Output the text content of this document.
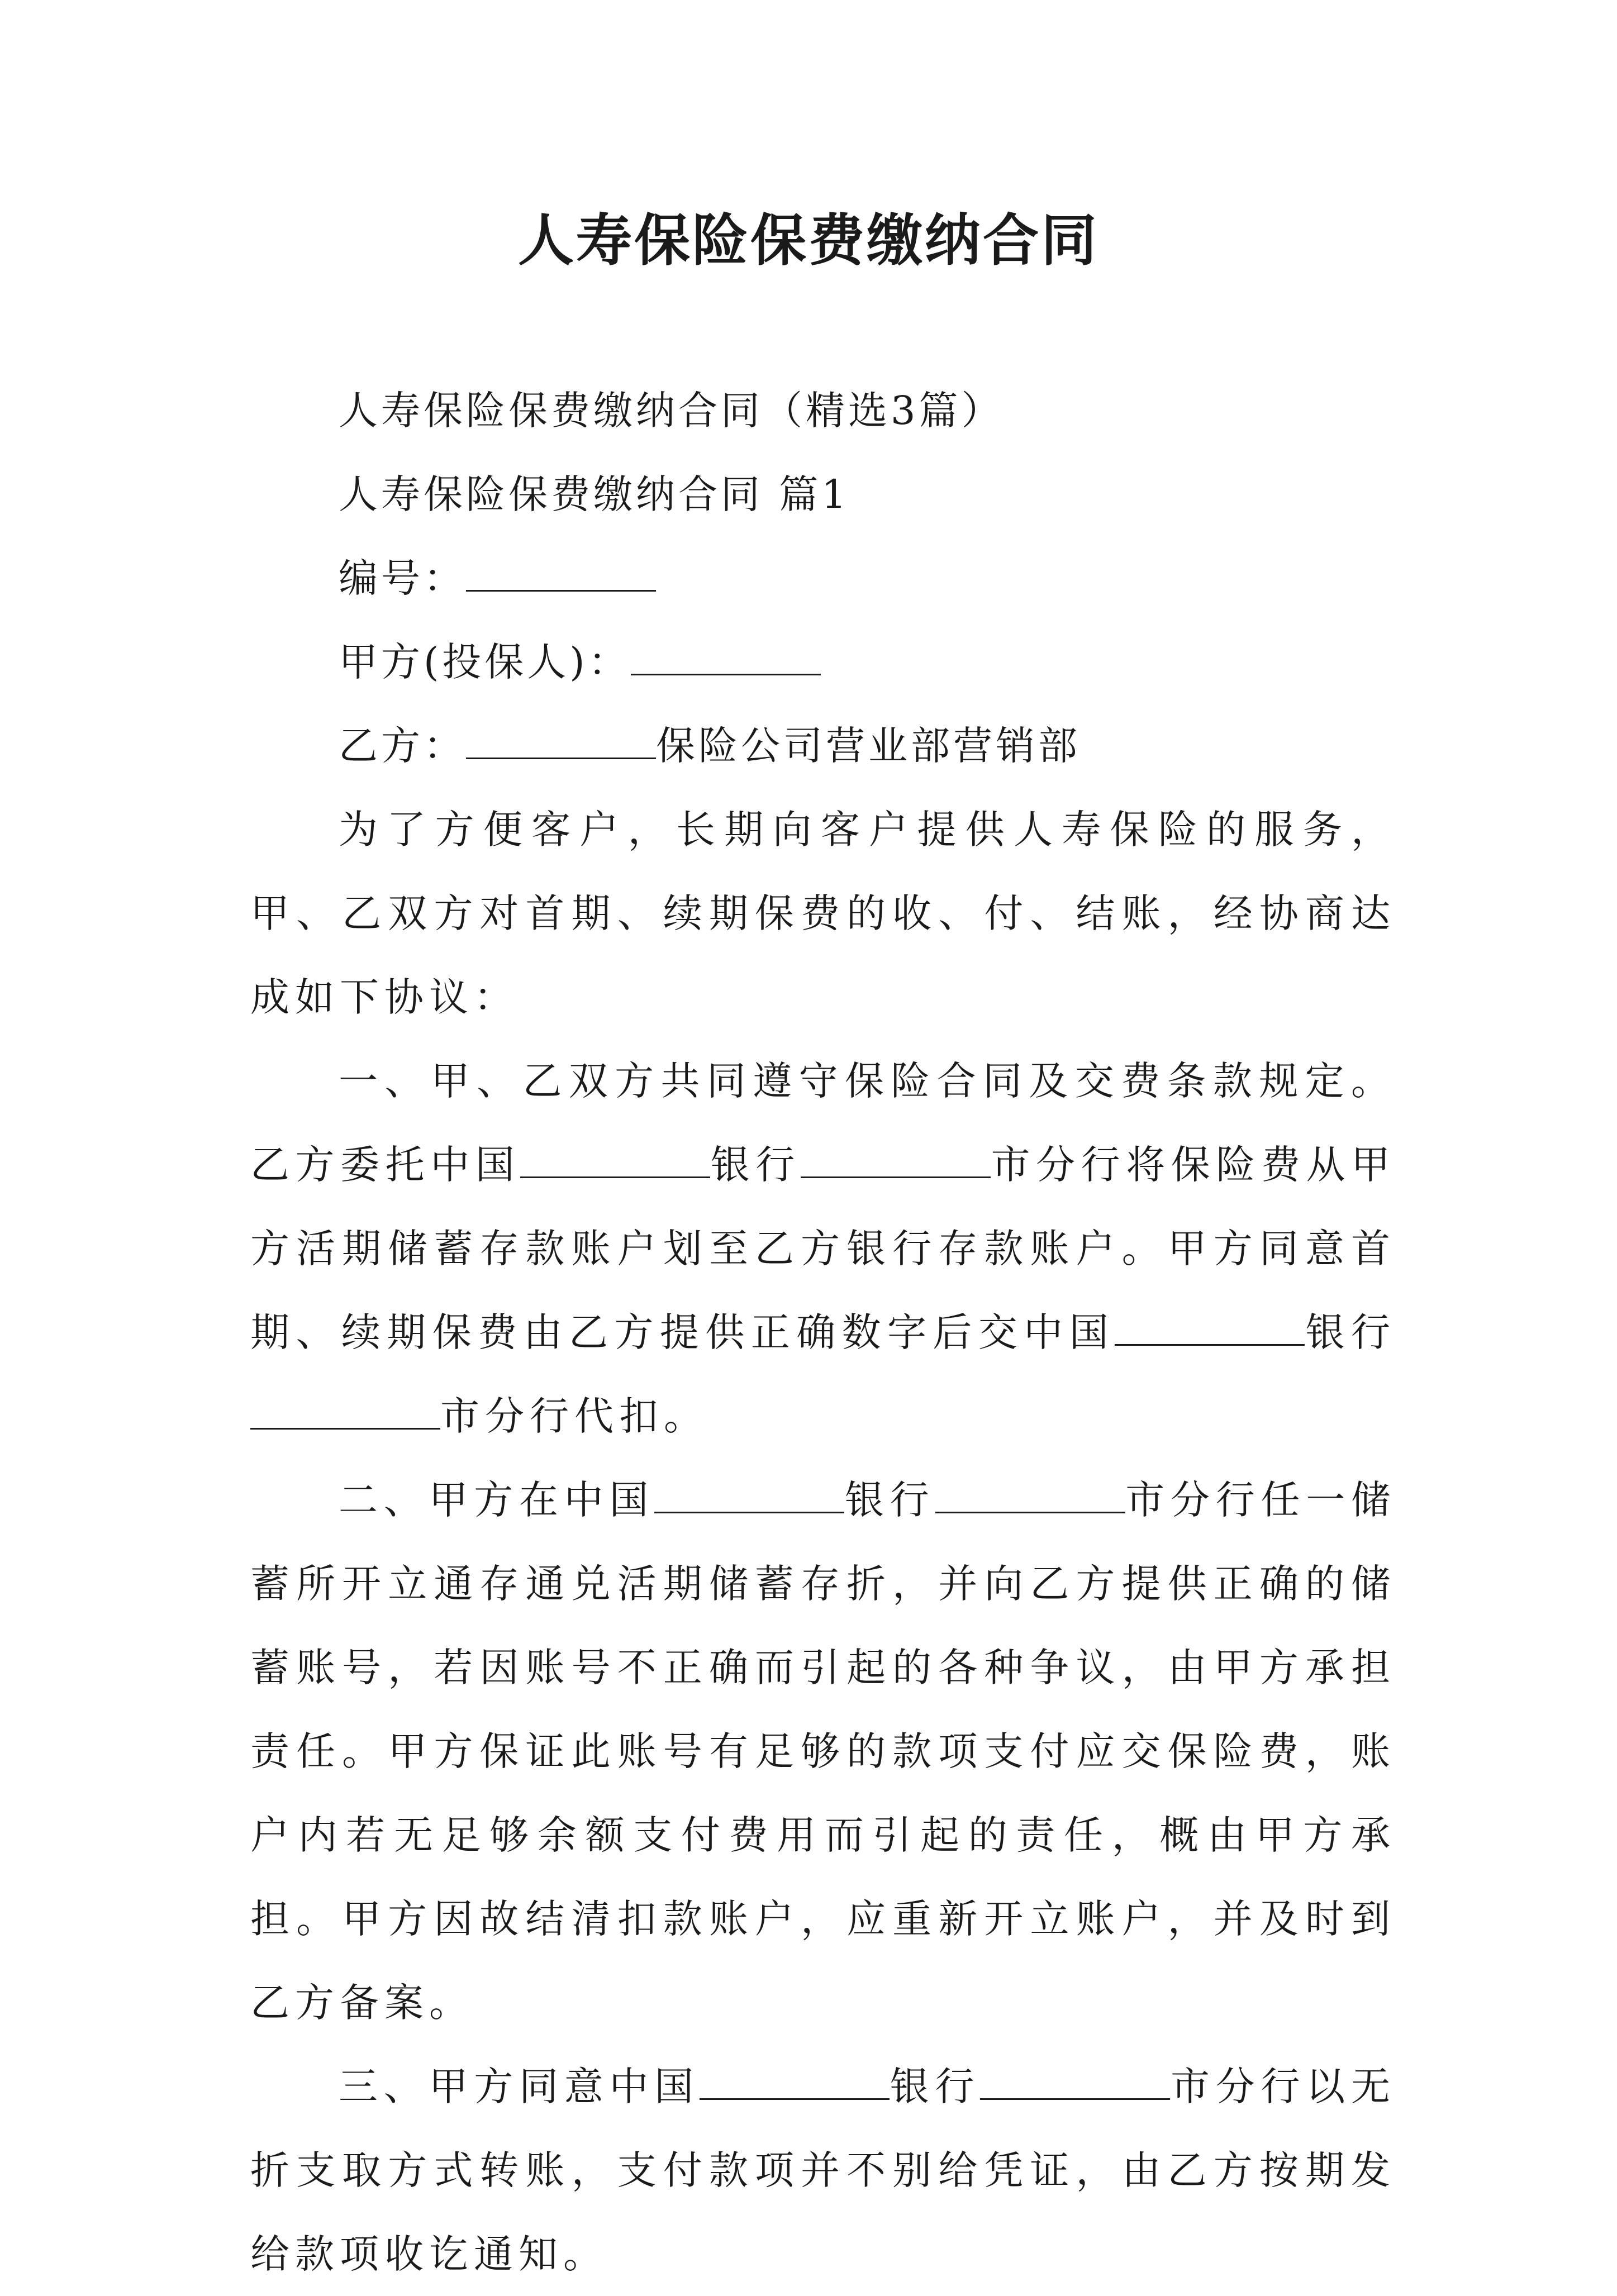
人寿保险保费缴纳合同
人寿保险保费缴纳合同（精选3篇）
人寿保险保费缴纳合同 篇1
编号：
甲方(投保人)：
乙方：	保险公司营业部营销部

为了方便客户，长期向客户提供人寿保险的服务，甲、乙双方对首期、续期保费的收、付、结账，经协商达成如下协议：

一、甲、乙双方共同遵守保险合同及交费条款规定。乙方委托中国	银行	市分行将保险费从甲方活期储蓄存款账户划至乙方银行存款账户。甲方同意首期、续期保费由乙方提供正确数字后交中国	银行市分行代扣。

二、甲方在中国	银行	市分行任一储蓄所开立通存通兑活期储蓄存折，并向乙方提供正确的储蓄账号，若因账号不正确而引起的各种争议，由甲方承担责任。甲方保证此账号有足够的款项支付应交保险费，账户内若无足够余额支付费用而引起的责任，概由甲方承担。甲方因故结清扣款账户，应重新开立账户，并及时到乙方备案。

三、甲方同意中国	银行	市分行以无折支取方式转账，支付款项并不别给凭证，由乙方按期发给款项收讫通知。
